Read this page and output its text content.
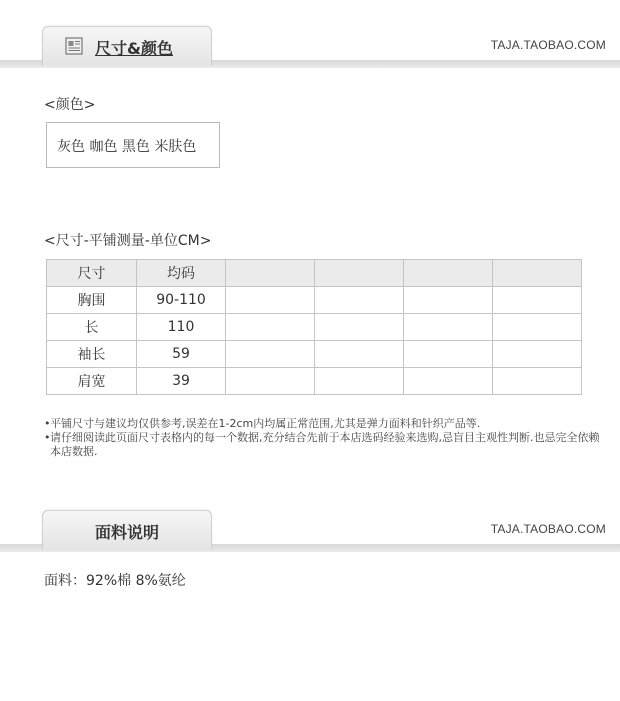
尺寸&颜色	TAJA.TAOBAO.COM
<颜色>
灰色 咖色 黑色 米肤色
<尺寸-平铺测量-单位CM>
尺寸	均码				
胸围	90-110				
长	110				
袖长	59				
肩宽	39				
• 平铺尺寸与建议均仅供参考,误差在1-2cm内均属正常范围,尤其是弹力面料和针织产品等.
• 请仔细阅读此页面尺寸表格内的每一个数据,充分结合先前于本店选码经验来选购,忌盲目主观性判断.也忌完全依赖本店数据.
面料说明	TAJA.TAOBAO.COM
面料：92%棉 8%氨纶
